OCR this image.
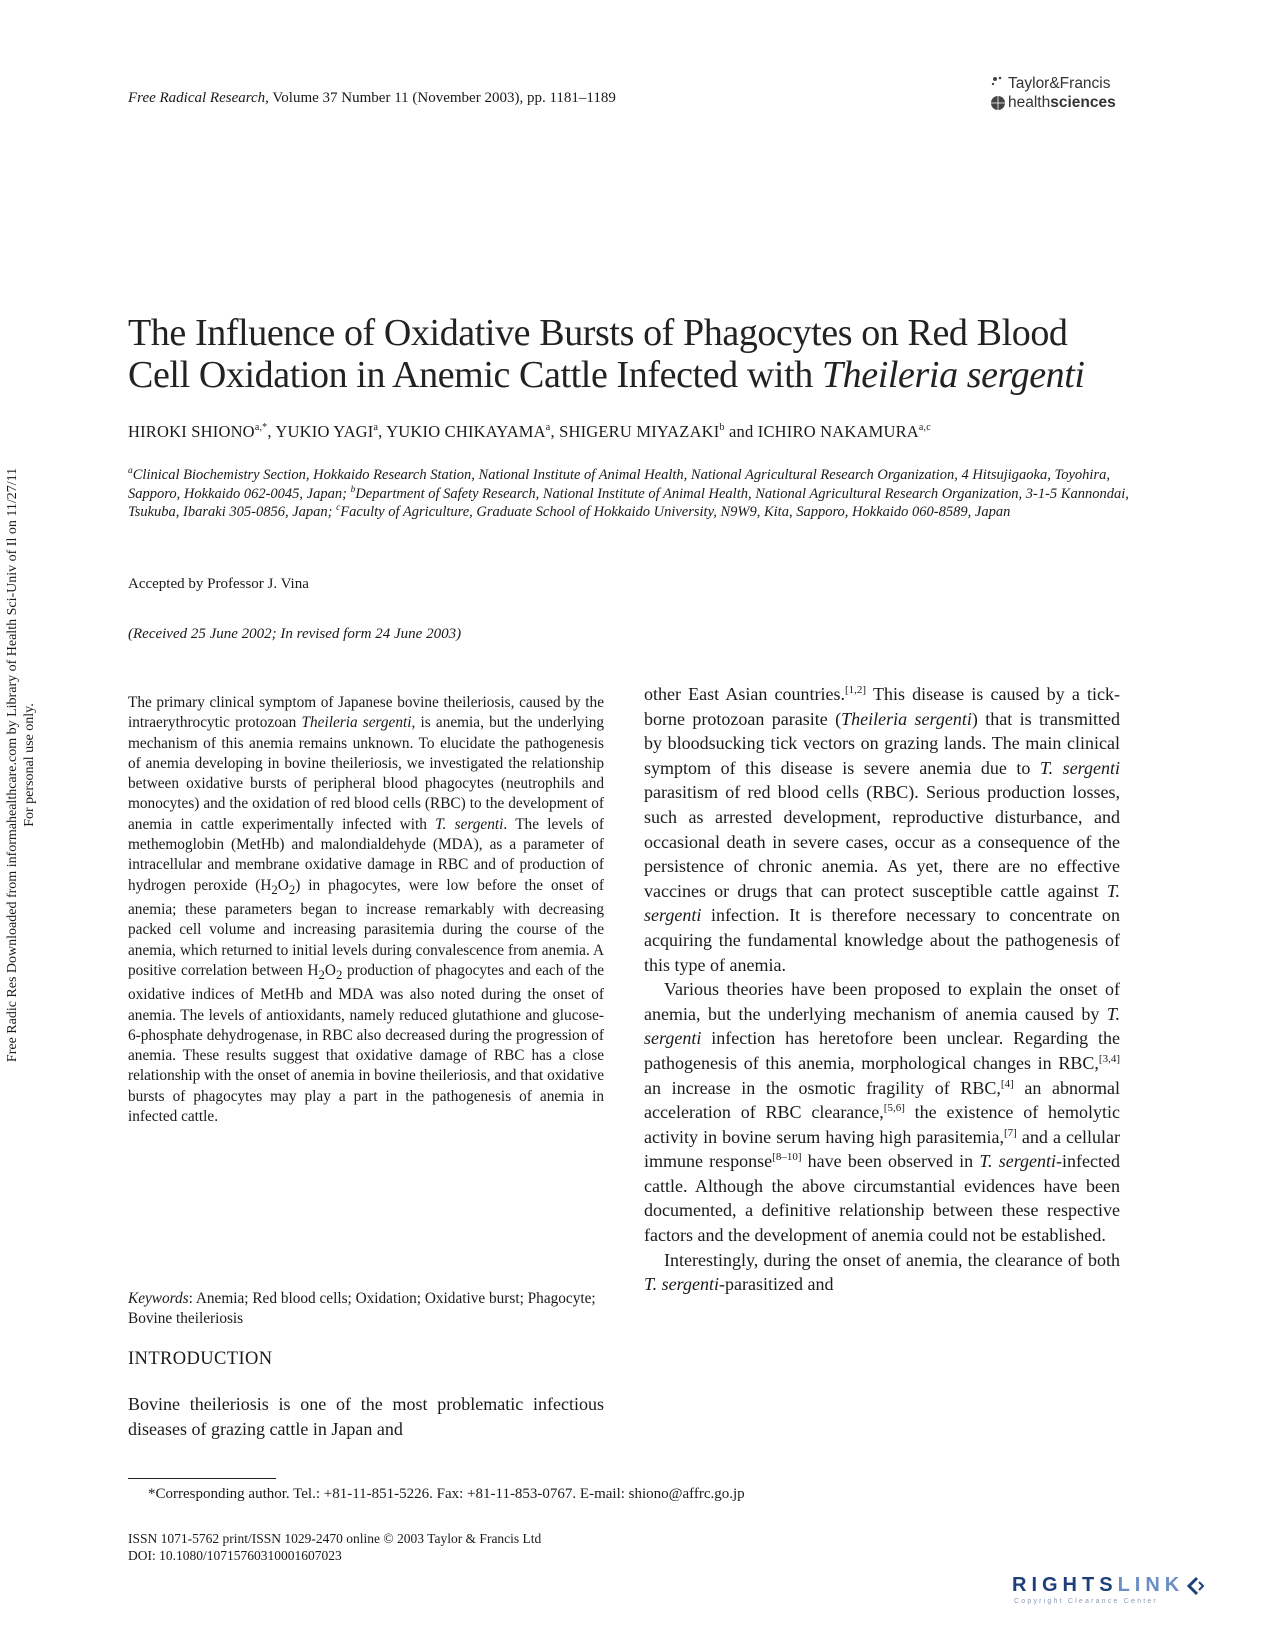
Free Radical Research, Volume 37 Number 11 (November 2003), pp. 1181–1189
Taylor&Francis
healthsciences
The Influence of Oxidative Bursts of Phagocytes on Red Blood
Cell Oxidation in Anemic Cattle Infected with Theileria sergenti
HIROKI $SHIONO^{a,*}$, YUKIO YAGI$^a$, YUKIO CHIKAYAMA$^a$, SHIGERU MIYAZAKI$^b$ and ICHIRO NAKAMURA$^{a,c}$
$^a$Clinical Biochemistry Section, Hokkaido Research Station, National Institute of Animal Health, National Agricultural Research Organization, 4 Hitsujigaoka, Toyohira, Sapporo, Hokkaido 062-0045, Japan; $^b$Department of Safety Research, National Institute of Animal Health, National Agricultural Research Organization, 3-1-5 Kannondai, Tsukuba, Ibaraki 305-0856, Japan; $^c$Faculty of Agriculture, Graduate School of Hokkaido University, N9W9, Kita, Sapporo, Hokkaido 060-8589, Japan
Accepted by Professor J. Vina
(Received 25 June 2002; In revised form 24 June 2003)
The primary clinical symptom of Japanese bovine theileriosis, caused by the intraerythrocytic protozoan Theileria sergenti, is anemia, but the underlying mechanism of this anemia remains unknown. To elucidate the pathogenesis of anemia developing in bovine theileriosis, we investigated the relationship between oxidative bursts of peripheral blood phagocytes (neutrophils and monocytes) and the oxidation of red blood cells (RBC) to the development of anemia in cattle experimentally infected with T. sergenti. The levels of methemoglobin (MetHb) and malondialdehyde (MDA), as a parameter of intracellular and membrane oxidative damage in RBC and of production of hydrogen peroxide $(H_2O_2)$ in phagocytes, were low before the onset of anemia; these parameters began to increase remarkably with decreasing packed cell volume and increasing parasitemia during the course of the anemia, which returned to initial levels during convalescence from anemia. A positive correlation between $H_2O_2$ production of phagocytes and each of the oxidative indices of MetHb and MDA was also noted during the onset of anemia. The levels of antioxidants, namely reduced glutathione and glucose-6-phosphate dehydrogenase, in RBC also decreased during the progression of anemia. These results suggest that oxidative damage of RBC has a close relationship with the onset of anemia in bovine theileriosis, and that oxidative bursts of phagocytes may play a part in the pathogenesis of anemia in infected cattle.
Keywords: Anemia; Red blood cells; Oxidation; Oxidative burst; Phagocyte; Bovine theileriosis
INTRODUCTION
Bovine theileriosis is one of the most problematic infectious diseases of grazing cattle in Japan and

other East Asian countries.[1,2] This disease is caused by a tick-borne protozoan parasite (Theileria sergenti) that is transmitted by bloodsucking tick vectors on grazing lands. The main clinical symptom of this disease is severe anemia due to T. sergenti parasitism of red blood cells (RBC). Serious production losses, such as arrested development, reproductive disturbance, and occasional death in severe cases, occur as a consequence of the persistence of chronic anemia. As yet, there are no effective vaccines or drugs that can protect susceptible cattle against T. sergenti infection. It is therefore necessary to concentrate on acquiring the fundamental knowledge about the pathogenesis of this type of anemia.

Various theories have been proposed to explain the onset of anemia, but the underlying mechanism of anemia caused by T. sergenti infection has heretofore been unclear. Regarding the pathogenesis of this anemia, morphological changes in RBC,[3,4] an increase in the osmotic fragility of RBC,[4] an abnormal acceleration of RBC clearance,[5,6] the existence of hemolytic activity in bovine serum having high parasitemia,[7] and a cellular immune response[8–10] have been observed in T. sergenti-infected cattle. Although the above circumstantial evidences have been documented, a definitive relationship between these respective factors and the development of anemia could not be established.

Interestingly, during the onset of anemia, the clearance of both T. sergenti-parasitized and

*Corresponding author. Tel.: +81-11-851-5226. Fax: +81-11-853-0767. E-mail: shiono@affrc.go.jp
ISSN 1071-5762 print/ISSN 1029-2470 online © 2003 Taylor & Francis Ltd
DOI: 10.1080/10715760310001607023
Free Radic Res Downloaded from informahealthcare.com by Library of Health Sci-Univ of Il on 11/27/11 For personal use only.
RIGHTSLINK
Copyright Clearance Center
